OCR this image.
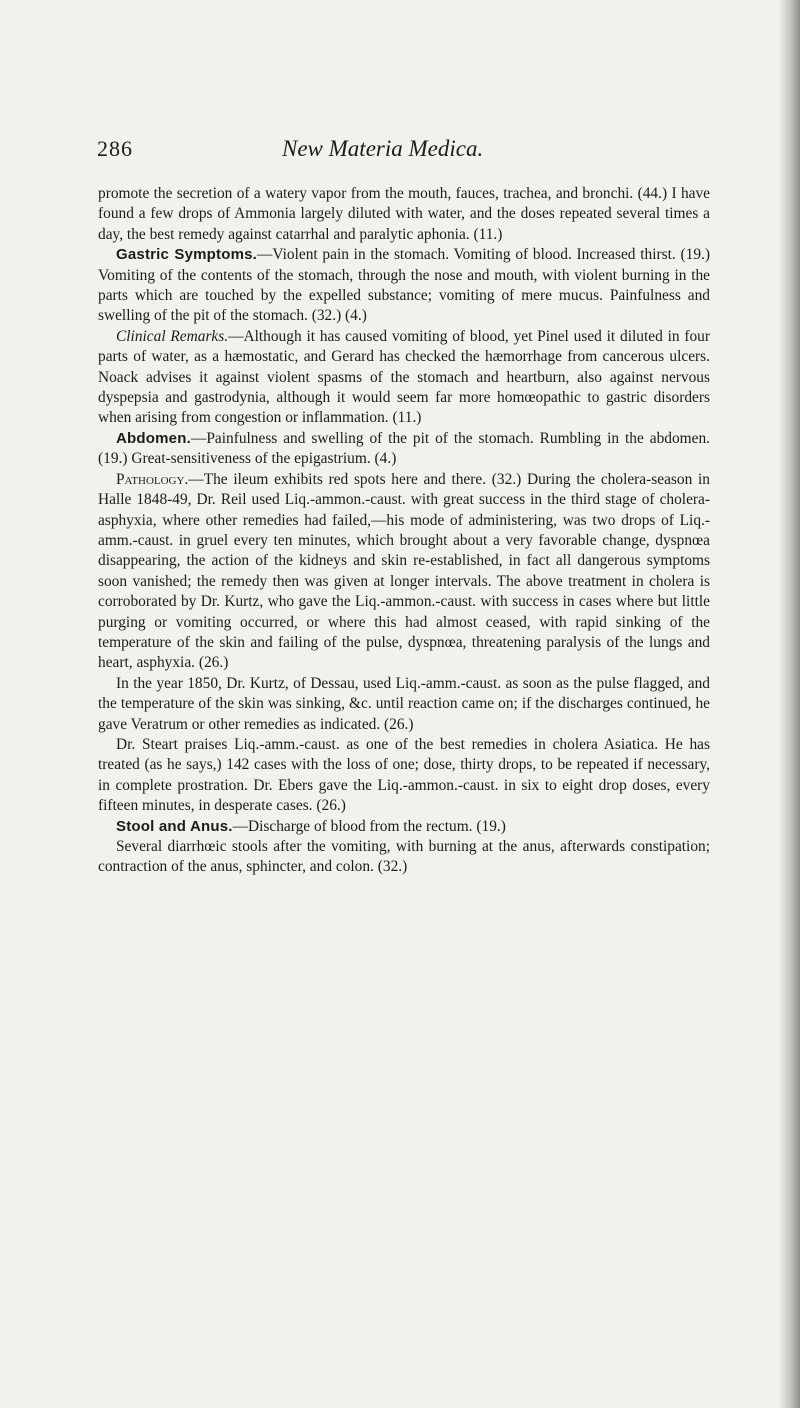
286	New Materia Medica.

promote the secretion of a watery vapor from the mouth, fauces, trachea, and bronchi. (44.) I have found a few drops of Ammonia largely diluted with water, and the doses repeated several times a day, the best remedy against catarrhal and paralytic aphonia. (11.)

Gastric Symptoms.—Violent pain in the stomach. Vomiting of blood. Increased thirst. (19.) Vomiting of the contents of the stomach, through the nose and mouth, with violent burning in the parts which are touched by the expelled substance; vomiting of mere mucus. Painfulness and swelling of the pit of the stomach. (32.) (4.)

Clinical Remarks.—Although it has caused vomiting of blood, yet Pinel used it diluted in four parts of water, as a hæmostatic, and Gerard has checked the hæmorrhage from cancerous ulcers. Noack advises it against violent spasms of the stomach and heartburn, also against nervous dyspepsia and gastrodynia, although it would seem far more homœopathic to gastric disorders when arising from congestion or inflammation. (11.)

Abdomen.—Painfulness and swelling of the pit of the stomach. Rumbling in the abdomen. (19.) Great-sensitiveness of the epigastrium. (4.)

Pathology.—The ileum exhibits red spots here and there. (32.) During the cholera-season in Halle 1848-49, Dr. Reil used Liq.-ammon.-caust. with great success in the third stage of cholera-asphyxia, where other remedies had failed,—his mode of administering, was two drops of Liq.-amm.-caust. in gruel every ten minutes, which brought about a very favorable change, dyspnœa disappearing, the action of the kidneys and skin re-established, in fact all dangerous symptoms soon vanished; the remedy then was given at longer intervals. The above treatment in cholera is corroborated by Dr. Kurtz, who gave the Liq.-ammon.-caust. with success in cases where but little purging or vomiting occurred, or where this had almost ceased, with rapid sinking of the temperature of the skin and failing of the pulse, dyspnœa, threatening paralysis of the lungs and heart, asphyxia. (26.)

In the year 1850, Dr. Kurtz, of Dessau, used Liq.-amm.-caust. as soon as the pulse flagged, and the temperature of the skin was sinking, &c. until reaction came on; if the discharges continued, he gave Veratrum or other remedies as indicated. (26.)

Dr. Steart praises Liq.-amm.-caust. as one of the best remedies in cholera Asiatica. He has treated (as he says,) 142 cases with the loss of one; dose, thirty drops, to be repeated if necessary, in complete prostration. Dr. Ebers gave the Liq.-ammon.-caust. in six to eight drop doses, every fifteen minutes, in desperate cases. (26.)

Stool and Anus.—Discharge of blood from the rectum. (19.)

Several diarrhœic stools after the vomiting, with burning at the anus, afterwards constipation; contraction of the anus, sphincter, and colon. (32.)
